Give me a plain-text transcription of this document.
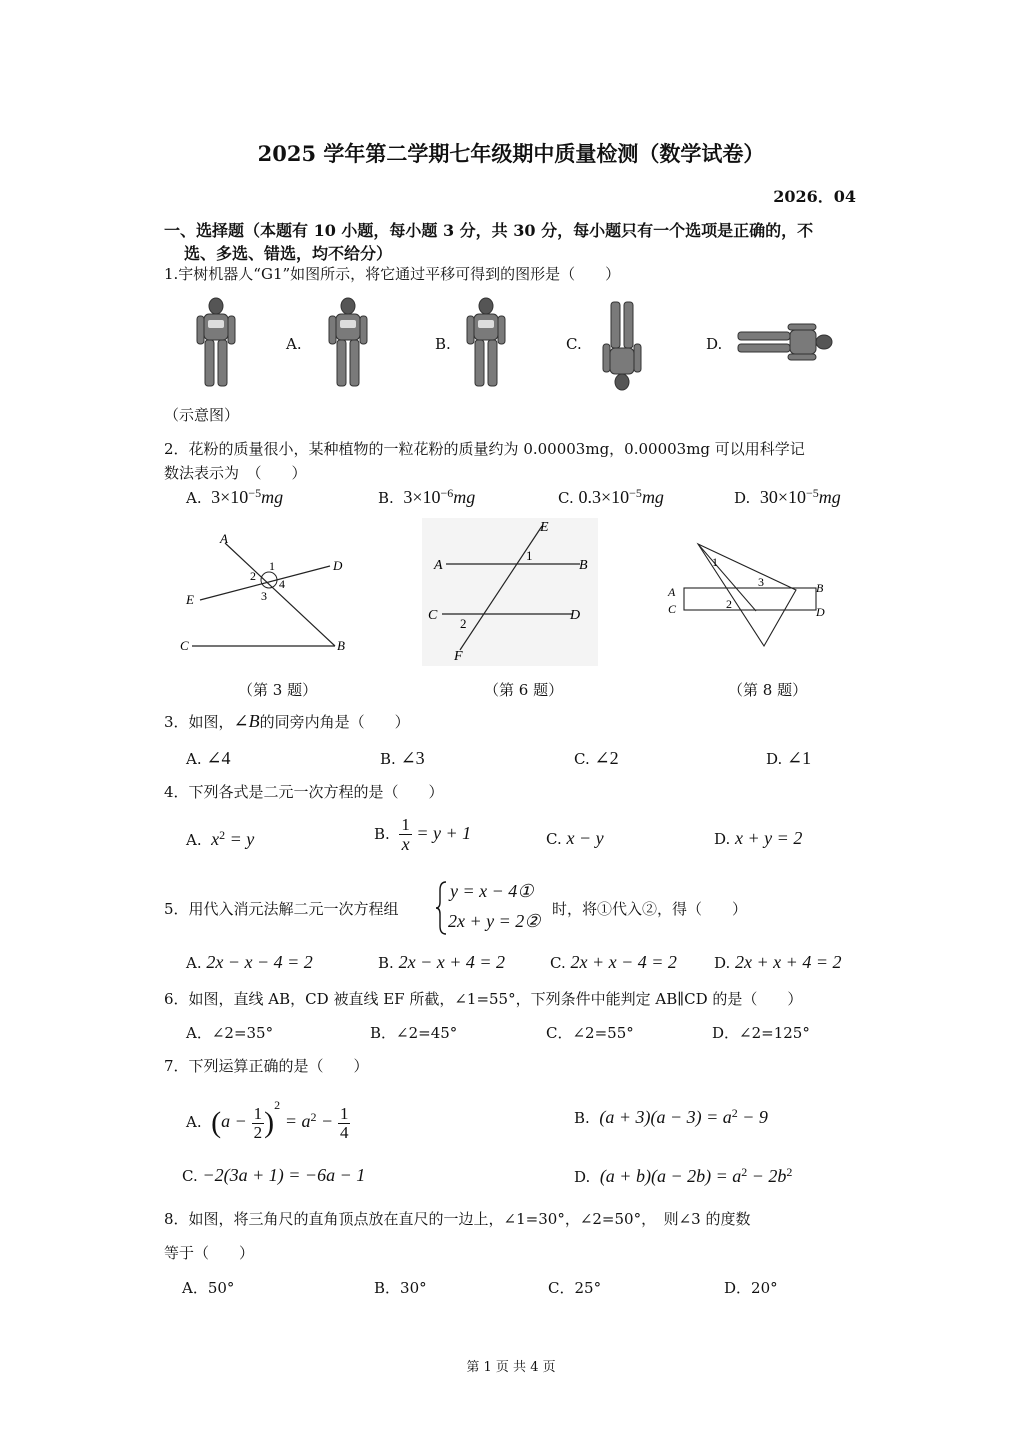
2025 学年第二学期七年级期中质量检测（数学试卷）
2026．04
一、选择题（本题有 10 小题，每小题 3 分，共 30 分，每小题只有一个选项是正确的，不
选、多选、错选，均不给分）
1.宇树机器人“G1”如图所示，将它通过平移可得到的图形是（　　）
A.	B.	C.	D.
（示意图）
2．花粉的质量很小，某种植物的一粒花粉的质量约为 0.00003mg，0.00003mg 可以用科学记
数法表示为　（　　）
A. $3\times 10^{-5}mg$	B. $3\times 10^{-6}mg$	C. $0.3\times 10^{-5}mg$	D. $30\times 10^{-5}mg$
A
D
E
C	B
1
2
3
4
E
A	B
1
C	D
2
F
1
3
A
C
B
D
2
（第 3 题）	（第 6 题）	（第 8 题）
3．如图，∠B的同旁内角是（　　）
A. ∠4	B. ∠3	C. ∠2	D. ∠1
4．下列各式是二元一次方程的是（　　）
A. $x^2 = y$	B. $\frac{1}{x} = y + 1$	C. x − y	D. x + y = 2
5．用代入消元法解二元一次方程组
y = x − 4①
2x + y = 2②
时，将①代入②，得（　　）
A. 2x − x − 4 = 2	B. 2x − x + 4 = 2	C. 2x + x − 4 = 2 D. 2x + x + 4 = 2
6．如图，直线 AB，CD 被直线 EF 所截，∠1=55°，下列条件中能判定 AB∥CD 的是（　　）
A．∠2=35°	B．∠2=45°	C．∠2=55°	D．∠2=125°
7．下列运算正确的是（　　）
A. $(a - \frac{1}{2} )^2 = a^2 - \frac{1}{4}$	B. $(a + 3)(a - 3) = a^2 - 9$
C. −2(3a + 1) = −6a − 1	D. $(a + b)(a - 2b) = a^2 - 2b^2$
8．如图，将三角尺的直角顶点放在直尺的一边上，∠1=30°，∠2=50°，　则∠3 的度数
等于（　　）
A．50°	B．30°	C．25°	D．20°
第 1 页 共 4 页
